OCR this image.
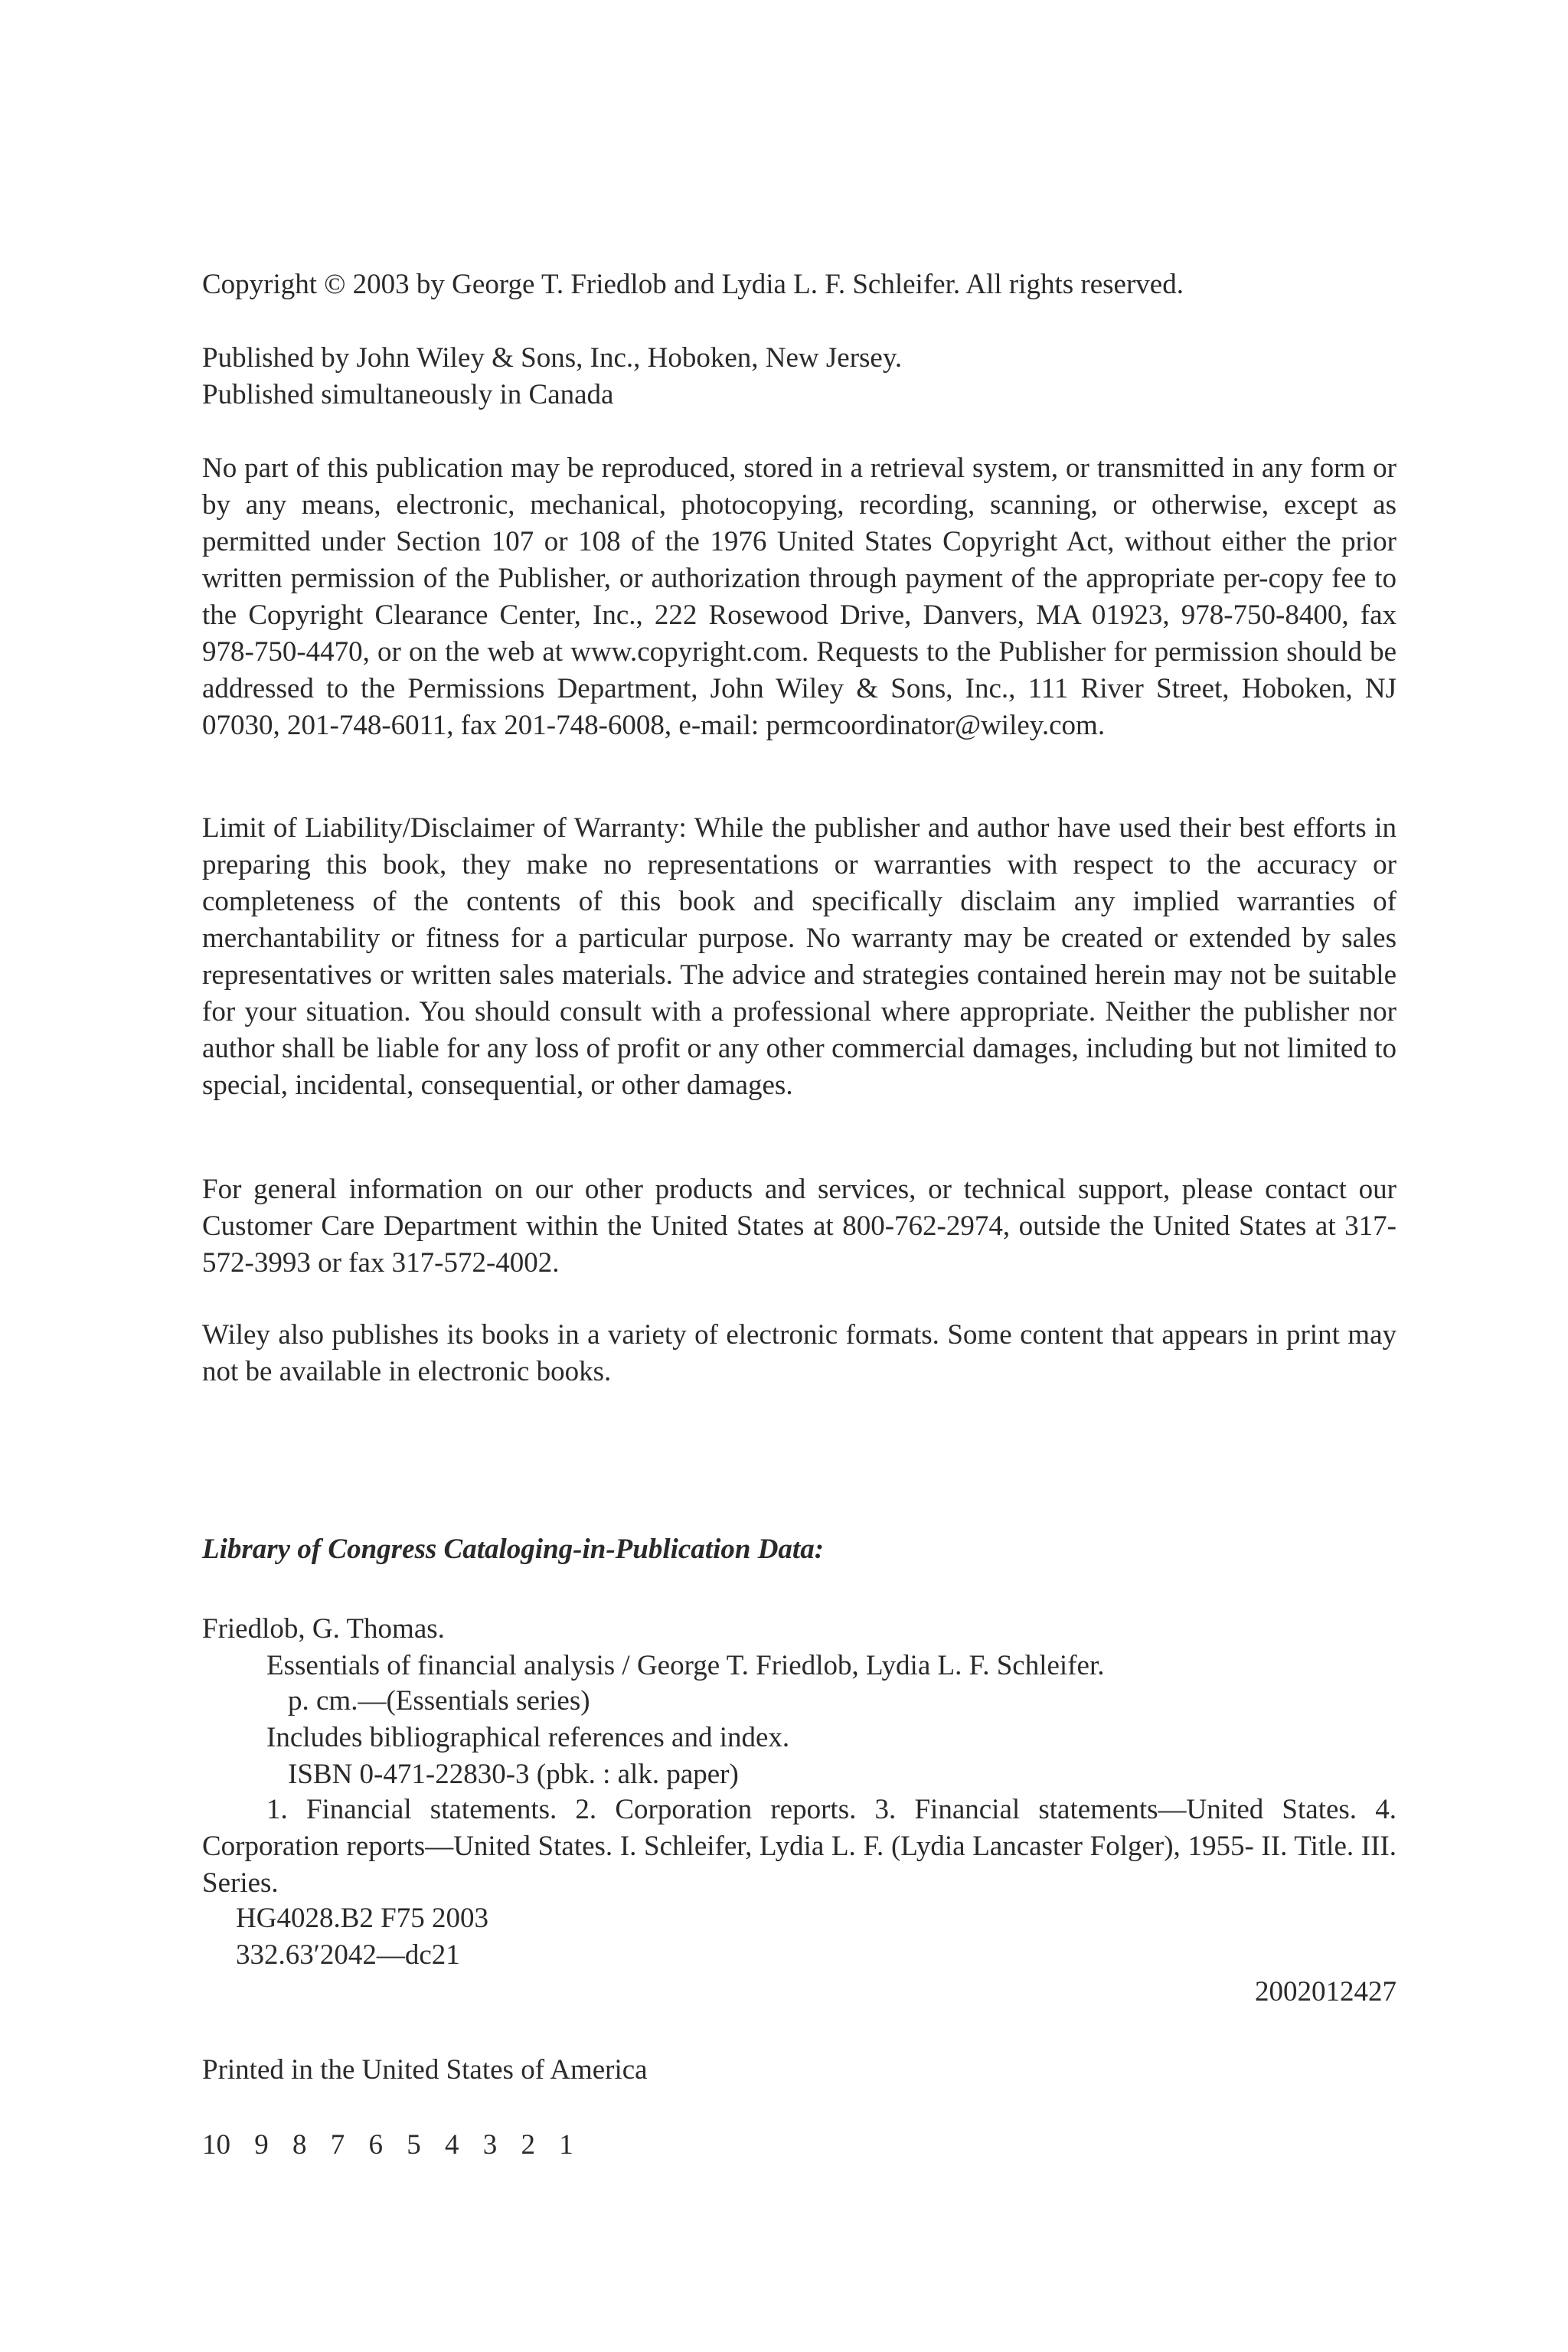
Copyright © 2003 by George T. Friedlob and Lydia L. F. Schleifer. All rights reserved.
Published by John Wiley & Sons, Inc., Hoboken, New Jersey.
Published simultaneously in Canada

No part of this publication may be reproduced, stored in a retrieval system, or transmitted in any form or by any means, electronic, mechanical, photocopying, recording, scanning, or otherwise, except as permitted under Section 107 or 108 of the 1976 United States Copyright Act, without either the prior written permission of the Publisher, or authorization through payment of the appropriate per-copy fee to the Copyright Clearance Center, Inc., 222 Rosewood Drive, Danvers, MA 01923, 978-750-8400, fax 978-750-4470, or on the web at www.copyright.com. Requests to the Publisher for permission should be addressed to the Permissions Department, John Wiley & Sons, Inc., 111 River Street, Hoboken, NJ 07030, 201-748-6011, fax 201-748-6008, e-mail: permcoordinator@wiley.com.

Limit of Liability/Disclaimer of Warranty: While the publisher and author have used their best efforts in preparing this book, they make no representations or warranties with respect to the accuracy or completeness of the contents of this book and specifically disclaim any implied warranties of merchantability or fitness for a particular purpose. No warranty may be created or extended by sales representatives or written sales materials. The advice and strategies contained herein may not be suitable for your situation. You should consult with a professional where appropriate. Neither the publisher nor author shall be liable for any loss of profit or any other commercial damages, including but not limited to special, incidental, consequential, or other damages.

For general information on our other products and services, or technical support, please contact our Customer Care Department within the United States at 800-762-2974, outside the United States at 317-572-3993 or fax 317-572-4002.

Wiley also publishes its books in a variety of electronic formats. Some content that appears in print may not be available in electronic books.

Library of Congress Cataloging-in-Publication Data:
Friedlob, G. Thomas.
Essentials of financial analysis / George T. Friedlob, Lydia L. F. Schleifer.
p. cm.—(Essentials series)
Includes bibliographical references and index.
ISBN 0-471-22830-3 (pbk. : alk. paper)

1. Financial statements. 2. Corporation reports. 3. Financial statements—United States. 4. Corporation reports—United States. I. Schleifer, Lydia L. F. (Lydia Lancaster Folger), 1955- II. Title. III. Series.

HG4028.B2 F75 2003
332.63′2042—dc21
2002012427
Printed in the United States of America
10 9 8 7 6 5 4 3 2 1
